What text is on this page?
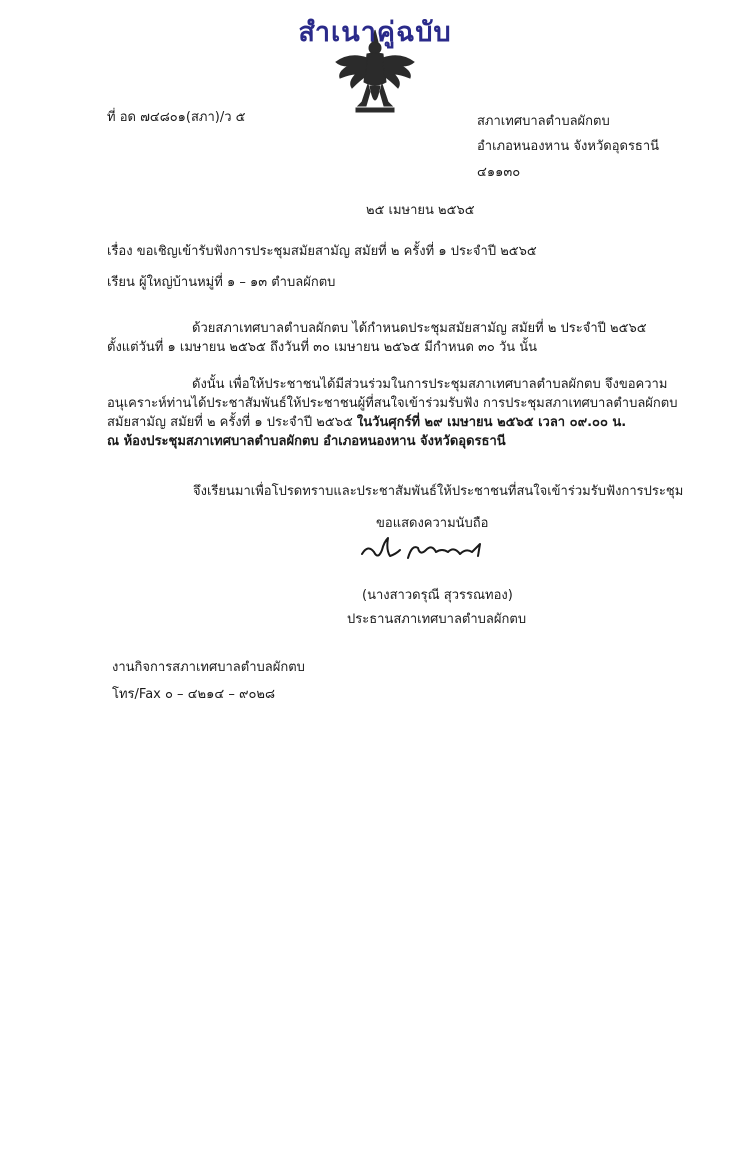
สำเนาคู่ฉบับ
ที่ อด ๗๔๘๐๑(สภา)/ว ๕	สภาเทศบาลตำบลผักตบ
อำเภอหนองหาน จังหวัดอุดรธานี
๔๑๑๓๐
๒๕ เมษายน ๒๕๖๕
เรื่อง ขอเชิญเข้ารับฟังการประชุมสมัยสามัญ สมัยที่ ๒ ครั้งที่ ๑ ประจำปี ๒๕๖๕
เรียน ผู้ใหญ่บ้านหมู่ที่ ๑ – ๑๓ ตำบลผักตบ

ด้วยสภาเทศบาลตำบลผักตบ ได้กำหนดประชุมสมัยสามัญ สมัยที่ ๒ ประจำปี ๒๕๖๕

ตั้งแต่วันที่ ๑ เมษายน ๒๕๖๕ ถึงวันที่ ๓๐ เมษายน ๒๕๖๕ มีกำหนด ๓๐ วัน นั้น

ดังนั้น เพื่อให้ประชาชนได้มีส่วนร่วมในการประชุมสภาเทศบาลตำบลผักตบ จึงขอความ

อนุเคราะห์ท่านได้ประชาสัมพันธ์ให้ประชาชนผู้ที่สนใจเข้าร่วมรับฟัง การประชุมสภาเทศบาลตำบลผักตบ

สมัยสามัญ สมัยที่ ๒ ครั้งที่ ๑ ประจำปี ๒๕๖๕ ในวันศุกร์ที่ ๒๙ เมษายน ๒๕๖๕ เวลา ๐๙.๐๐ น.

ณ ห้องประชุมสภาเทศบาลตำบลผักตบ อำเภอหนองหาน จังหวัดอุดรธานี

จึงเรียนมาเพื่อโปรดทราบและประชาสัมพันธ์ให้ประชาชนที่สนใจเข้าร่วมรับฟังการประชุม
ขอแสดงความนับถือ
(นางสาวดรุณี สุวรรณทอง)
ประธานสภาเทศบาลตำบลผักตบ
งานกิจการสภาเทศบาลตำบลผักตบ
โทร/Fax ๐ – ๔๒๑๔ – ๙๐๒๘
